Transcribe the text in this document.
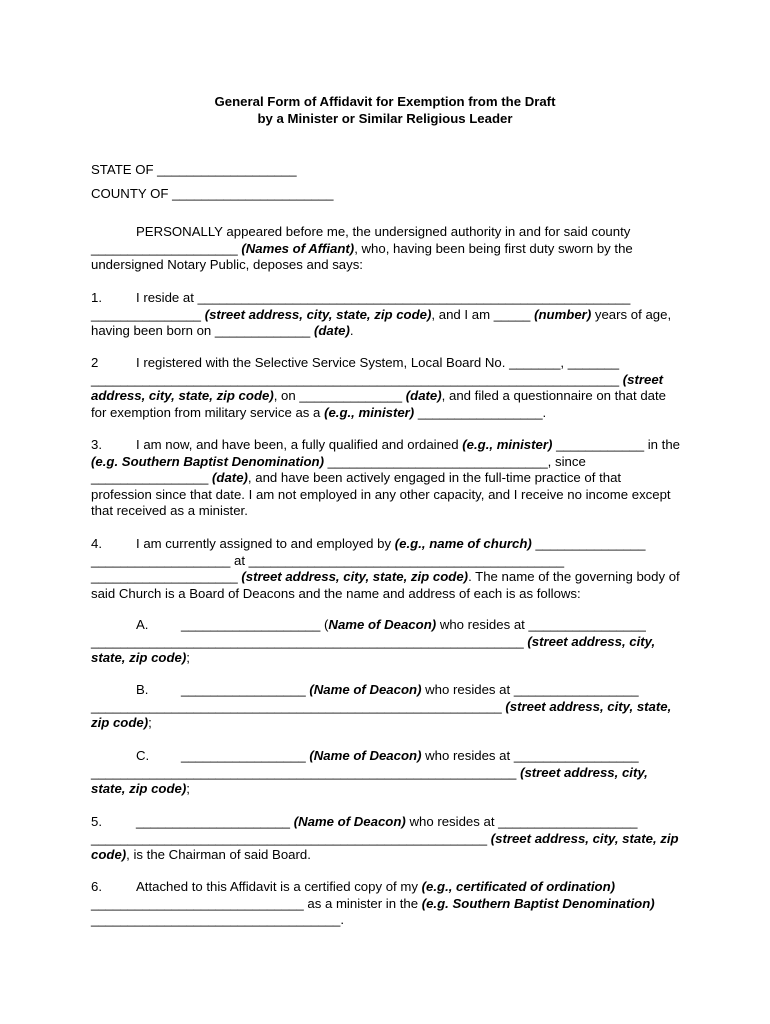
General Form of Affidavit for Exemption from the Draft
by a Minister or Similar Religious Leader
STATE OF ___________________
COUNTY OF ______________________

PERSONALLY appeared before me, the undersigned authority in and for said county ____________________ (Names of Affiant), who, having been being first duty sworn by the undersigned Notary Public, deposes and says:

1.	I reside at ___________________________________________________________ _______________ (street address, city, state, zip code), and I am _____ (number) years of age, having been born on _____________ (date).

2	I registered with the Selective Service System, Local Board No. _______, _______ ________________________________________________________________________ (street address, city, state, zip code), on ______________ (date), and filed a questionnaire on that date for exemption from military service as a (e.g., minister) _________________.

3.	I am now, and have been, a fully qualified and ordained (e.g., minister) ____________ in the (e.g. Southern Baptist Denomination) ______________________________, since ________________ (date), and have been actively engaged in the full-time practice of that profession since that date. I am not employed in any other capacity, and I receive no income except that received as a minister.

4.	I am currently assigned to and employed by (e.g., name of church) _______________ ___________________ at ___________________________________________ ____________________ (street address, city, state, zip code). The name of the governing body of said Church is a Board of Deacons and the name and address of each is as follows:

A. ___________________ (Name of Deacon) who resides at ________________ ___________________________________________________________ (street address, city, state, zip code);

B. _________________ (Name of Deacon) who resides at _________________ ________________________________________________________ (street address, city, state, zip code);

C. _________________ (Name of Deacon) who resides at _________________ __________________________________________________________ (street address, city, state, zip code);

5.	_____________________ (Name of Deacon) who resides at ___________________ ______________________________________________________ (street address, city, state, zip code), is the Chairman of said Board.

6.	Attached to this Affidavit is a certified copy of my (e.g., certificated of ordination) _____________________________ as a minister in the (e.g. Southern Baptist Denomination) __________________________________.
